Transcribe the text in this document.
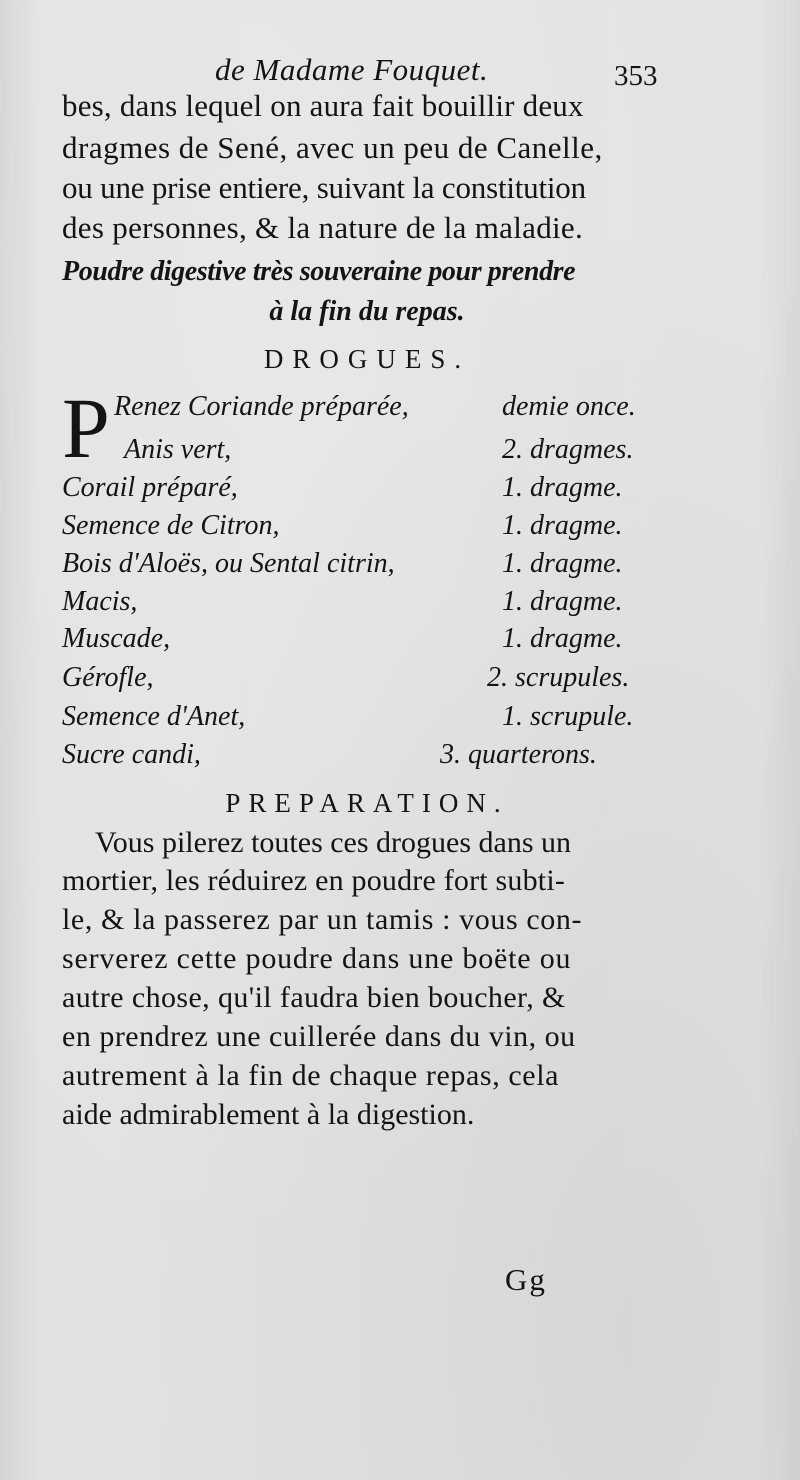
de Madame Fouquet.	353
bes, dans lequel on aura fait bouillir deux
dragmes de Sené, avec un peu de Canelle,
ou une prise entiere, suivant la constitution
des personnes, & la nature de la maladie.
Poudre digestive très souveraine pour prendre
à la fin du repas.
DROGUES.
P Renez Coriande préparée,	demie once.
Anis vert,	2. dragmes.
Corail préparé,	1. dragme.
Semence de Citron,	1. dragme.
Bois d'Aloës, ou Sental citrin,	1. dragme.
Macis,	1. dragme.
Muscade,	1. dragme.
Gérofle,	2. scrupules.
Semence d'Anet,	1. scrupule.
Sucre candi,	3. quarterons.
PREPARATION.
Vous pilerez toutes ces drogues dans un
mortier, les réduirez en poudre fort subti-
le, & la passerez par un tamis : vous con-
serverez cette poudre dans une boëte ou
autre chose, qu'il faudra bien boucher, &
en prendrez une cuillerée dans du vin, ou
autrement à la fin de chaque repas, cela
aide admirablement à la digestion.
Gg
